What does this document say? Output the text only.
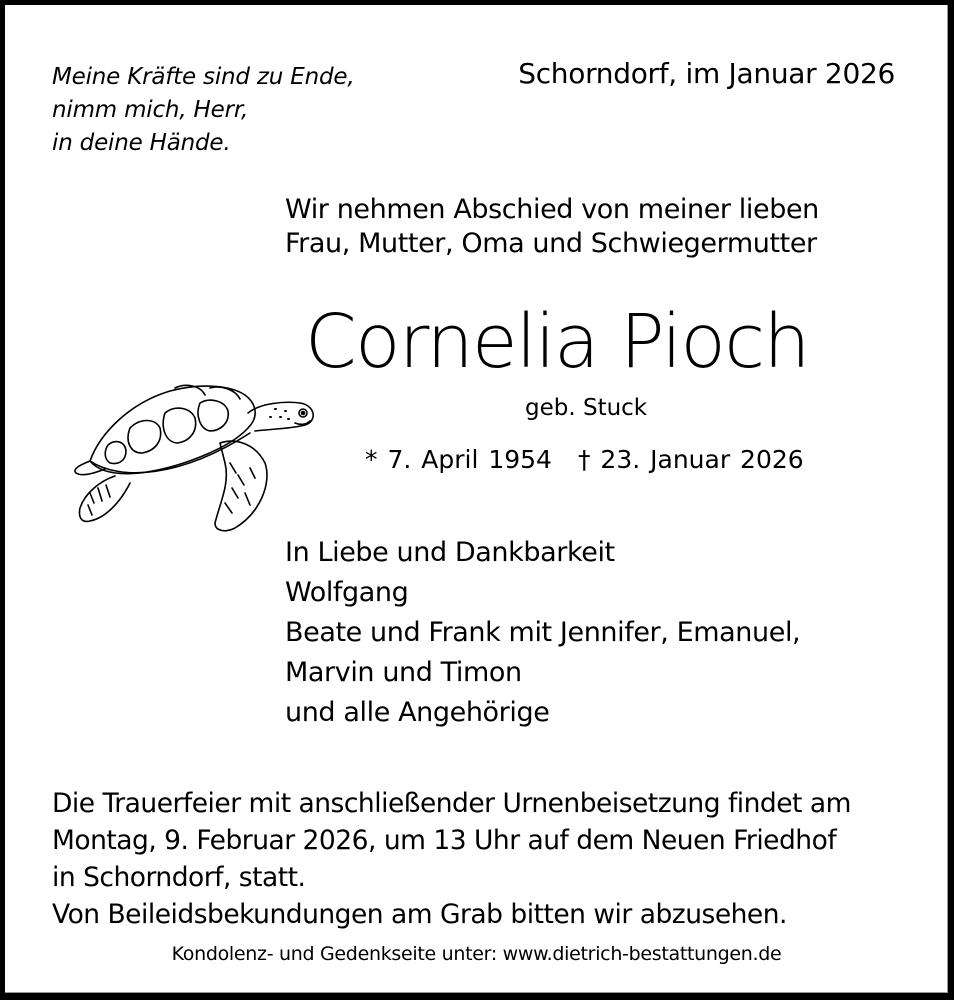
Meine Kräfte sind zu Ende,
nimm mich, Herr,
in deine Hände.
Schorndorf, im Januar 2026
Wir nehmen Abschied von meiner lieben
Frau, Mutter, Oma und Schwiegermutter
Cornelia Pioch
geb. Stuck
* 7. April 1954 † 23. Januar 2026
In Liebe und Dankbarkeit
Wolfgang
Beate und Frank mit Jennifer, Emanuel,
Marvin und Timon
und alle Angehörige
Die Trauerfeier mit anschließender Urnenbeisetzung findet am
Montag, 9. Februar 2026, um 13 Uhr auf dem Neuen Friedhof
in Schorndorf, statt.
Von Beileidsbekundungen am Grab bitten wir abzusehen.
Kondolenz- und Gedenkseite unter: www.dietrich-bestattungen.de
